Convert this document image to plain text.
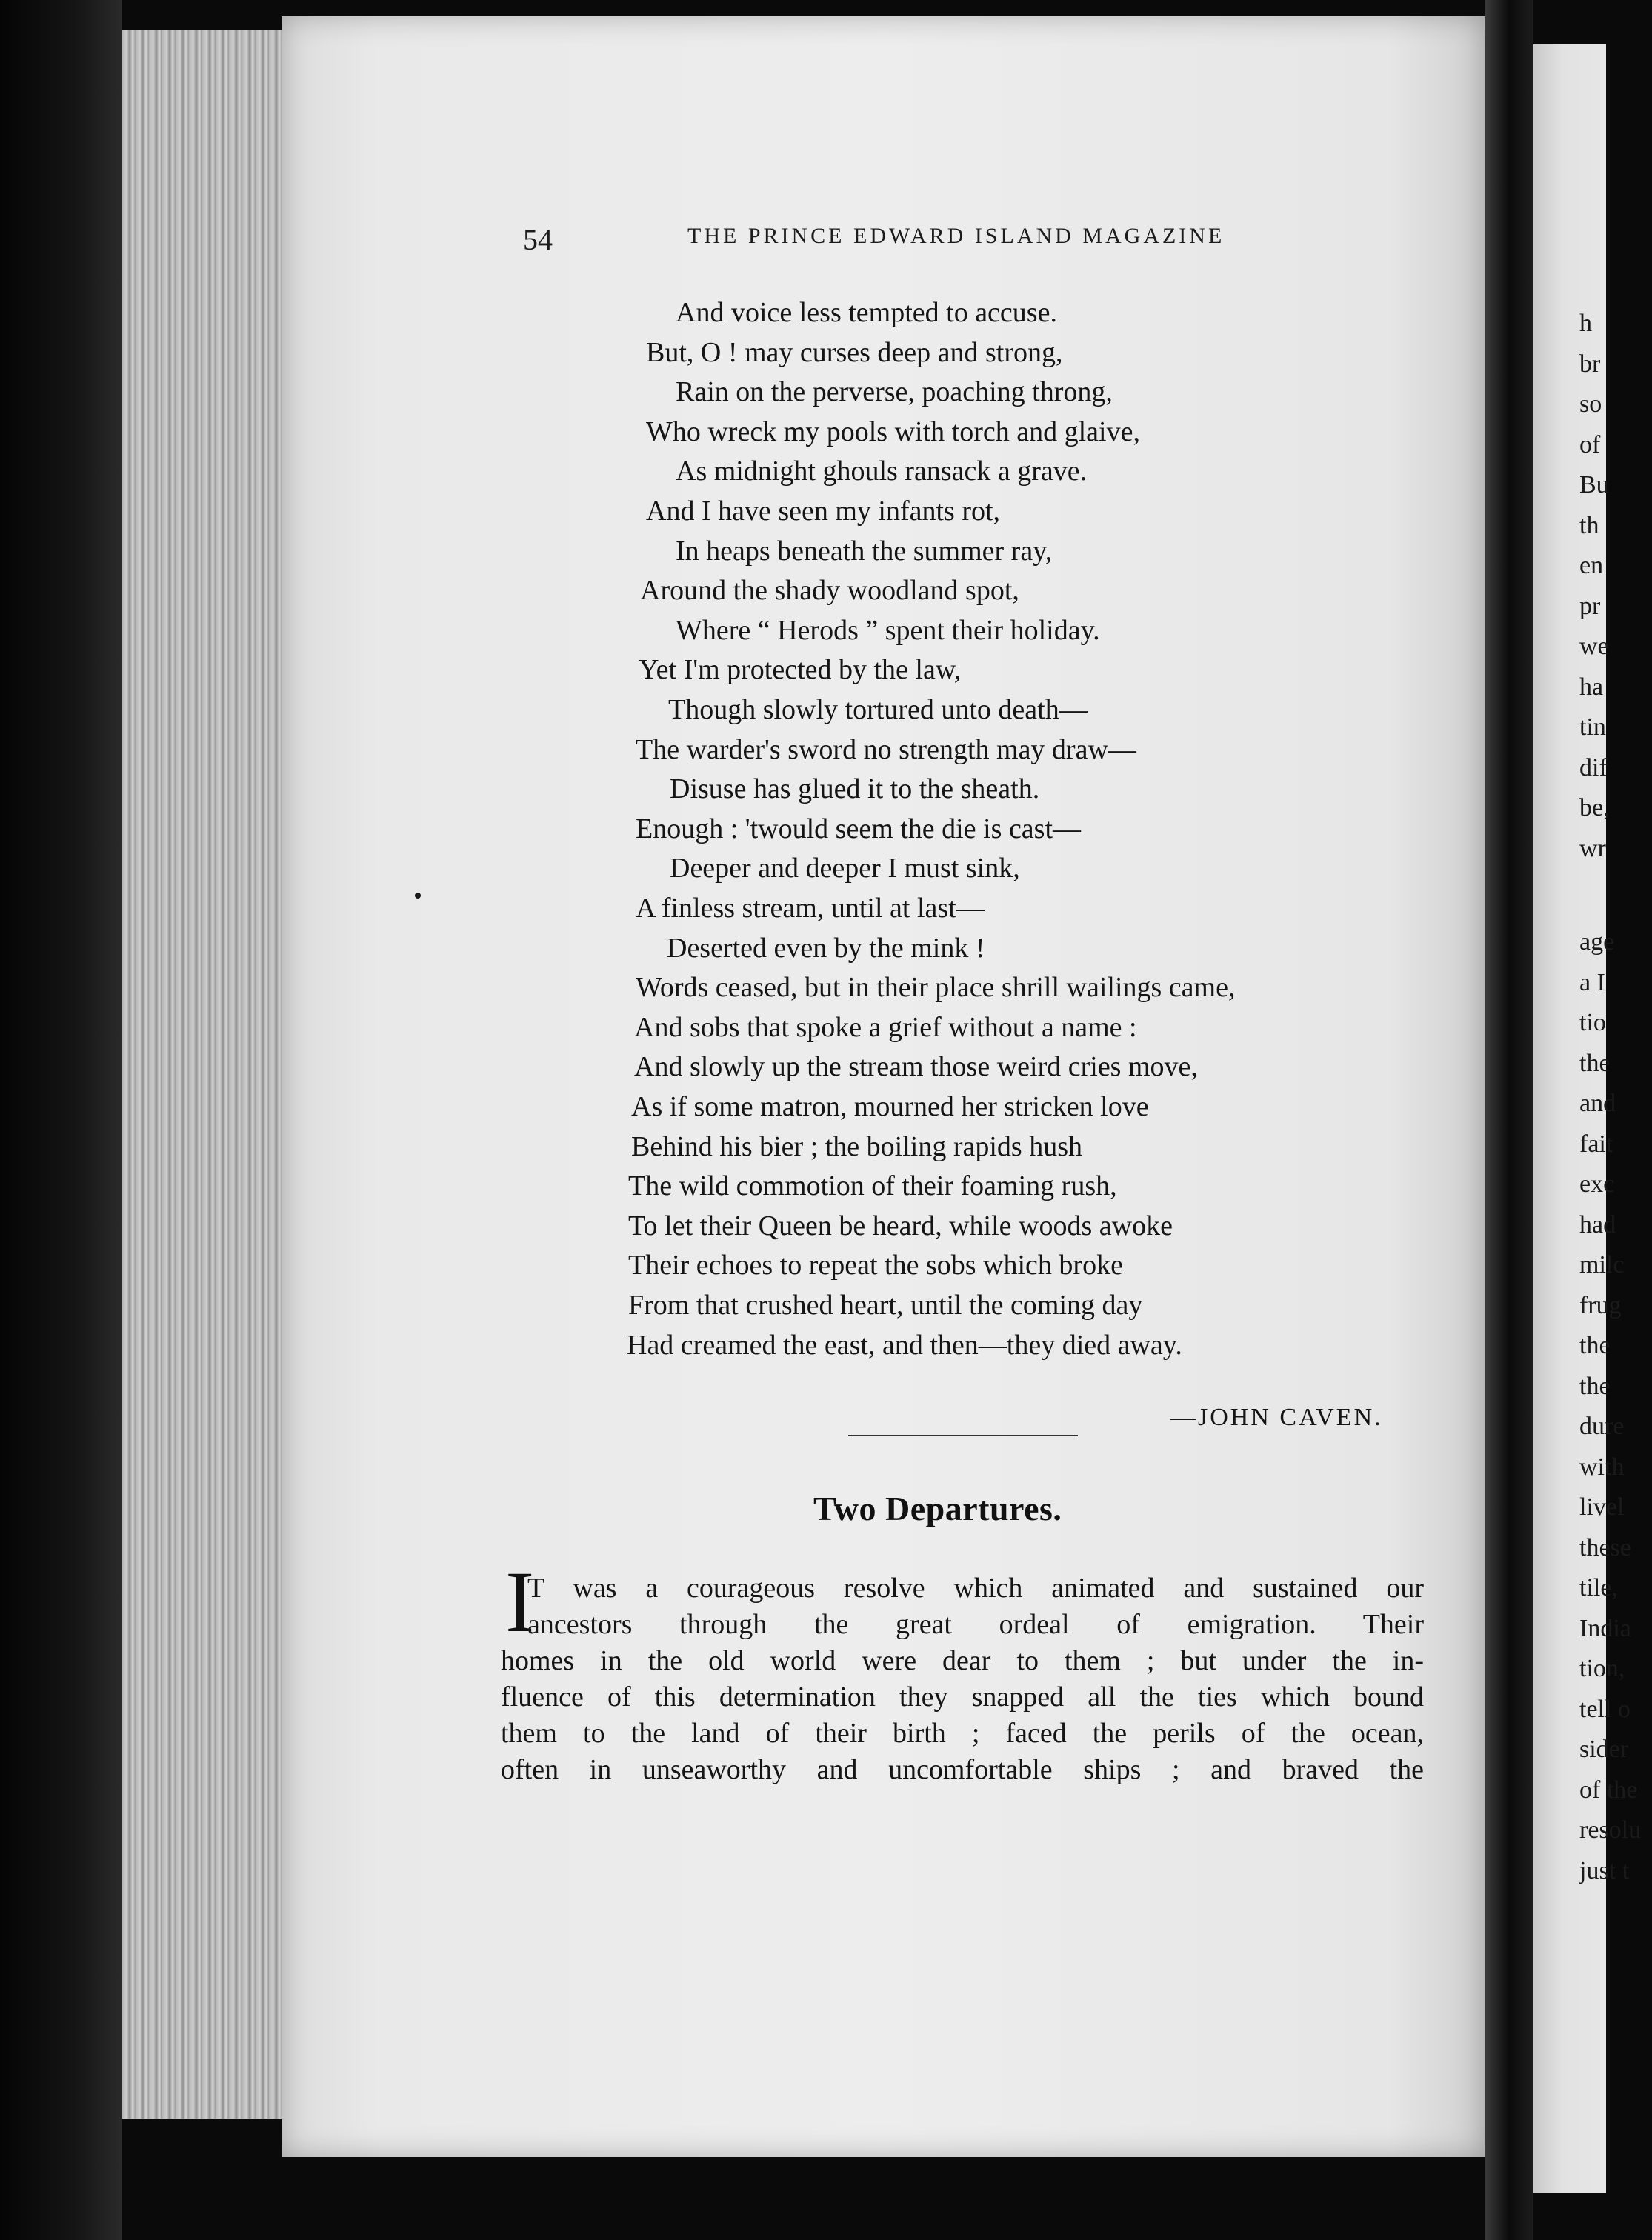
54	THE PRINCE EDWARD ISLAND MAGAZINE
And voice less tempted to accuse.
But, O ! may curses deep and strong,
Rain on the perverse, poaching throng,
Who wreck my pools with torch and glaive,
As midnight ghouls ransack a grave.
And I have seen my infants rot,
In heaps beneath the summer ray,
Around the shady woodland spot,
Where “ Herods ” spent their holiday.
Yet I'm protected by the law,
Though slowly tortured unto death—
The warder's sword no strength may draw—
Disuse has glued it to the sheath.
Enough : 'twould seem the die is cast—
Deeper and deeper I must sink,
A finless stream, until at last—
Deserted even by the mink !
Words ceased, but in their place shrill wailings came,
And sobs that spoke a grief without a name :
And slowly up the stream those weird cries move,
As if some matron, mourned her stricken love
Behind his bier ; the boiling rapids hush
The wild commotion of their foaming rush,
To let their Queen be heard, while woods awoke
Their echoes to repeat the sobs which broke
From that crushed heart, until the coming day
Had creamed the east, and then—they died away.
—JOHN CAVEN.
Two Departures.
I
T was a courageous resolve which animated and sustained our
ancestors through the great ordeal of emigration. Their
homes in the old world were dear to them ; but under the in-
fluence of this determination they snapped all the ties which bound
them to the land of their birth ; faced the perils of the ocean,
often in unseaworthy and uncomfortable ships ; and braved the
h
br
so
of
Bu
th
en
pr
we
ha
tin
dif
be,
wr
age
a I
tio
the
and
fait
exc
had
milc
frug
the
the
dure
with
livel
these
tile,
India
tion,
tell o
sider
of the
resolu
just t
